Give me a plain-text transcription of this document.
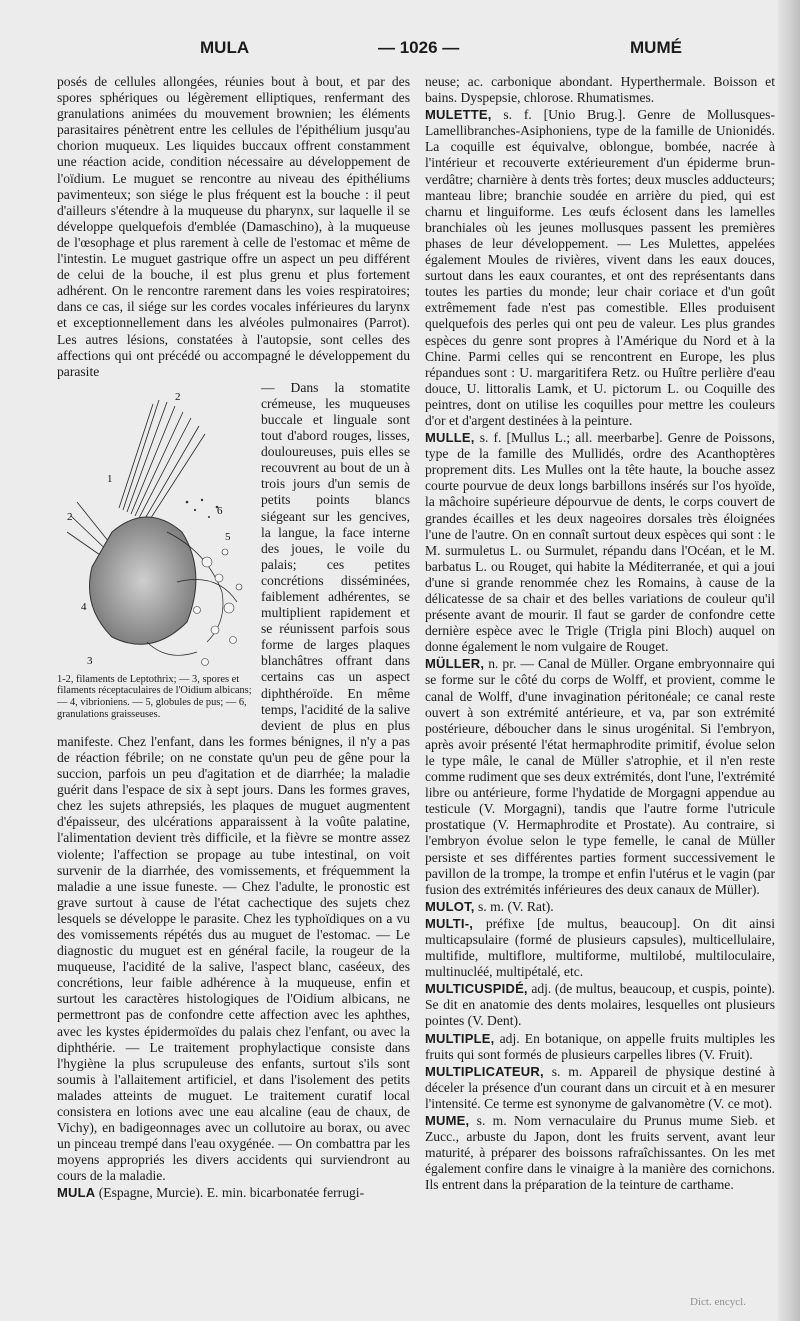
MULA	— 1026 —	MUMÉ

posés de cellules allongées, réunies bout à bout, et par des spores sphériques ou légèrement elliptiques, renfermant des granulations animées du mouvement brownien; les éléments parasitaires pénètrent entre les cellules de l'épithélium jusqu'au chorion muqueux. Les liquides buccaux offrent constamment une réaction acide, condition nécessaire au développement de l'oïdium. Le muguet se rencontre au niveau des épithéliums pavimenteux; son siége le plus fréquent est la bouche : il peut d'ailleurs s'étendre à la muqueuse du pharynx, sur laquelle il se développe quelquefois d'emblée (Damaschino), à la muqueuse de l'œsophage et plus rarement à celle de l'estomac et même de l'intestin. Le muguet gastrique offre un aspect un peu différent de celui de la bouche, il est plus grenu et plus fortement adhérent. On le rencontre rarement dans les voies respiratoires; dans ce cas, il siége sur les cordes vocales inférieures du larynx et exceptionnellement dans les alvéoles pulmonaires (Parrot). Les autres lésions, constatées à l'autopsie, sont celles des affections qui ont précédé ou accompagné le développement du parasite

2
2
1
6
5
4
3
1-2, filaments de Leptothrix; — 3, spores et filaments réceptaculaires de l'Oidium albicans; — 4, vibrioniens. — 5, globules de pus; — 6, granulations graisseuses.

— Dans la stomatite crémeuse, les muqueuses buccale et linguale sont tout d'abord rouges, lisses, douloureuses, puis elles se recouvrent au bout de un à trois jours d'un semis de petits points blancs siégeant sur les gencives, la langue, la face interne des joues, le voile du palais; ces petites concrétions disséminées, faiblement adhérentes, se multiplient rapidement et se réunissent parfois sous forme de larges plaques blanchâtres offrant dans certains cas un aspect diphthéroïde. En même temps, l'acidité de la salive devient de plus en plus manifeste. Chez l'enfant, dans les formes bénignes, il n'y a pas de réaction fébrile; on ne constate qu'un peu de gêne pour la succion, parfois un peu d'agitation et de diarrhée; la maladie guérit dans l'espace de six à sept jours. Dans les formes graves, chez les sujets athrepsiés, les plaques de muguet augmentent d'épaisseur, des ulcérations apparaissent à la voûte palatine, l'alimentation devient très difficile, et la fièvre se montre assez violente; l'affection se propage au tube intestinal, on voit survenir de la diarrhée, des vomissements, et fréquemment la maladie a une issue funeste. — Chez l'adulte, le pronostic est grave surtout à cause de l'état cachectique des sujets chez lesquels se développe le parasite. Chez les typhoïdiques on a vu des vomissements répétés dus au muguet de l'estomac. — Le diagnostic du muguet est en général facile, la rougeur de la muqueuse, l'acidité de la salive, l'aspect blanc, caséeux, des concrétions, leur faible adhérence à la muqueuse, enfin et surtout les caractères histologiques de l'Oidium albicans, ne permettront pas de confondre cette affection avec les aphthes, avec les kystes épidermoïdes du palais chez l'enfant, ou avec la diphthérie. — Le traitement prophylactique consiste dans l'hygiène la plus scrupuleuse des enfants, surtout s'ils sont soumis à l'allaitement artificiel, et dans l'isolement des petits malades atteints de muguet. Le traitement curatif local consistera en lotions avec une eau alcaline (eau de chaux, de Vichy), en badigeonnages avec un collutoire au borax, ou avec un pinceau trempé dans l'eau oxygénée. — On combattra par les moyens appropriés les divers accidents qui surviendront au cours de la maladie.

MULA (Espagne, Murcie). E. min. bicarbonatée ferrugi-

neuse; ac. carbonique abondant. Hyperthermale. Boisson et bains. Dyspepsie, chlorose. Rhumatismes.

MULETTE, s. f. [Unio Brug.]. Genre de Mollusques-Lamellibranches-Asiphoniens, type de la famille de Unionidés. La coquille est équivalve, oblongue, bombée, nacrée à l'intérieur et recouverte extérieurement d'un épiderme brun-verdâtre; charnière à dents très fortes; deux muscles adducteurs; manteau libre; branchie soudée en arrière du pied, qui est charnu et linguiforme. Les œufs éclosent dans les lamelles branchiales où les jeunes mollusques passent les premières phases de leur développement. — Les Mulettes, appelées également Moules de rivières, vivent dans les eaux douces, surtout dans les eaux courantes, et ont des représentants dans toutes les parties du monde; leur chair coriace et d'un goût extrêmement fade n'est pas comestible. Elles produisent quelquefois des perles qui ont peu de valeur. Les plus grandes espèces du genre sont propres à l'Amérique du Nord et à la Chine. Parmi celles qui se rencontrent en Europe, les plus répandues sont : U. margaritifera Retz. ou Huître perlière d'eau douce, U. littoralis Lamk, et U. pictorum L. ou Coquille des peintres, dont on utilise les coquilles pour mettre les couleurs d'or et d'argent destinées à la peinture.

MULLE, s. f. [Mullus L.; all. meerbarbe]. Genre de Poissons, type de la famille des Mullidés, ordre des Acanthoptères proprement dits. Les Mulles ont la tête haute, la bouche assez courte pourvue de deux longs barbillons insérés sur l'os hyoïde, la mâchoire supérieure dépourvue de dents, le corps couvert de grandes écailles et les deux nageoires dorsales très éloignées l'une de l'autre. On en connaît surtout deux espèces qui sont : le M. surmuletus L. ou Surmulet, répandu dans l'Océan, et le M. barbatus L. ou Rouget, qui habite la Méditerranée, et qui a joui d'une si grande renommée chez les Romains, à cause de la délicatesse de sa chair et des belles variations de couleur qu'il présente avant de mourir. Il faut se garder de confondre cette dernière espèce avec le Trigle (Trigla pini Bloch) auquel on donne également le nom vulgaire de Rouget.

MÜLLER, n. pr. — Canal de Müller. Organe embryonnaire qui se forme sur le côté du corps de Wolff, et provient, comme le canal de Wolff, d'une invagination péritonéale; ce canal reste ouvert à son extrémité antérieure, et va, par son extrémité postérieure, déboucher dans le sinus urogénital. Si l'embryon, après avoir présenté l'état hermaphrodite primitif, évolue selon le type mâle, le canal de Müller s'atrophie, et il n'en reste comme rudiment que ses deux extrémités, dont l'une, l'extrémité libre ou antérieure, forme l'hydatide de Morgagni appendue au testicule (V. Morgagni), tandis que l'autre forme l'utricule prostatique (V. Hermaphrodite et Prostate). Au contraire, si l'embryon évolue selon le type femelle, le canal de Müller persiste et ses différentes parties forment successivement le pavillon de la trompe, la trompe et enfin l'utérus et le vagin (par fusion des extrémités inférieures des deux canaux de Müller).

MULOT, s. m. (V. Rat).

MULTI-, préfixe [de multus, beaucoup]. On dit ainsi multicapsulaire (formé de plusieurs capsules), multicellulaire, multifide, multiflore, multiforme, multilobé, multiloculaire, multinucléé, multipétalé, etc.

MULTICUSPIDÉ, adj. (de multus, beaucoup, et cuspis, pointe). Se dit en anatomie des dents molaires, lesquelles ont plusieurs pointes (V. Dent).

MULTIPLE, adj. En botanique, on appelle fruits multiples les fruits qui sont formés de plusieurs carpelles libres (V. Fruit).

MULTIPLICATEUR, s. m. Appareil de physique destiné à déceler la présence d'un courant dans un circuit et à en mesurer l'intensité. Ce terme est synonyme de galvanomètre (V. ce mot).

MUME, s. m. Nom vernaculaire du Prunus mume Sieb. et Zucc., arbuste du Japon, dont les fruits servent, avant leur maturité, à préparer des boissons rafraîchissantes. On les met également confire dans le vinaigre à la manière des cornichons. Ils entrent dans la préparation de la teinture de carthame.

Dict. encycl.
